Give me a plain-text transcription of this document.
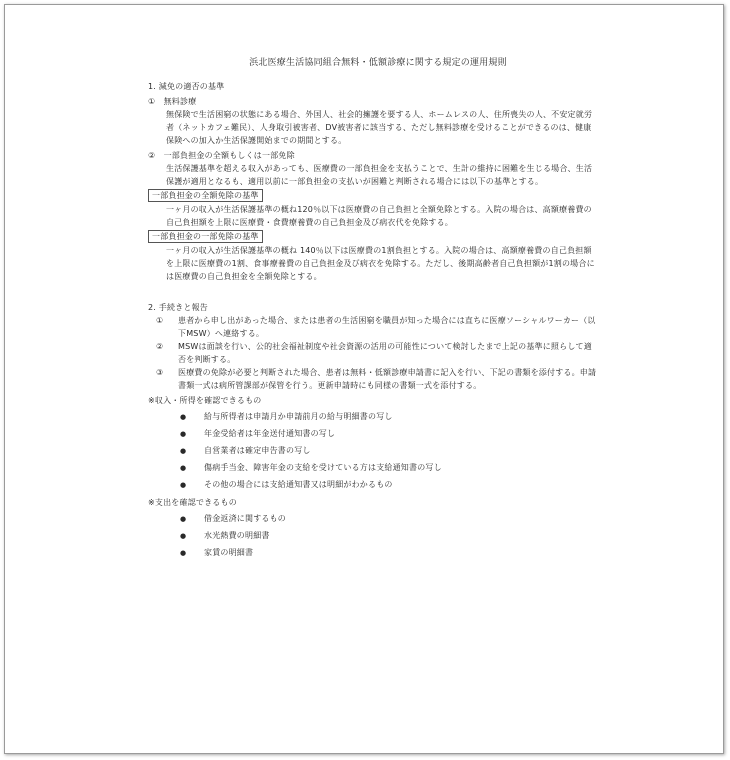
浜北医療生活協同組合無料・低額診療に関する規定の運用規則
1. 減免の適否の基準
① 無料診療
無保険で生活困窮の状態にある場合、外国人、社会的擁護を要する人、ホームレスの人、住所喪失の人、不安定就労者（ネットカフェ難民）、人身取引被害者、DV被害者に該当する、ただし無料診療を受けることができるのは、健康保険への加入か生活保護開始までの期間とする。
② 一部負担金の全額もしくは一部免除
生活保護基準を超える収入があっても、医療費の一部負担金を支払うことで、生計の維持に困難を生じる場合、生活保護が適用となるも、適用以前に一部負担金の支払いが困難と判断される場合には以下の基準とする。
一部負担金の全額免除の基準
一ヶ月の収入が生活保護基準の概ね120％以下は医療費の自己負担と全額免除とする。入院の場合は、高額療養費の自己負担額を上限に医療費・食費療養費の自己負担金及び病衣代を免除する。
一部負担金の一部免除の基準
一ヶ月の収入が生活保護基準の概ね 140％以下は医療費の1割負担とする。入院の場合は、高額療養費の自己負担額を上限に医療費の1割、食事療養費の自己負担金及び病衣を免除する。ただし、後期高齢者自己負担額が1割の場合には医療費の自己負担金を全額免除とする。
2. 手続きと報告
①	患者から申し出があった場合、または患者の生活困窮を職員が知った場合には直ちに医療ソーシャルワーカー（以下MSW）へ連絡する。
②	MSWは面談を行い、公的社会福祉制度や社会資源の活用の可能性について検討したまで上記の基準に照らして適否を判断する。
③	医療費の免除が必要と判断された場合、患者は無料・低額診療申請書に記入を行い、下記の書類を添付する。申請書類一式は病所管課部が保管を行う。更新申請時にも同様の書類一式を添付する。
※収入・所得を確認できるもの
●	給与所得者は申請月か申請前月の給与明細書の写し
●	年金受給者は年金送付通知書の写し
●	自営業者は確定申告書の写し
●	傷病手当金、障害年金の支給を受けている方は支給通知書の写し
●	その他の場合には支給通知書又は明細がわかるもの
※支出を確認できるもの
●	借金返済に関するもの
●	水光熱費の明細書
●	家賃の明細書
